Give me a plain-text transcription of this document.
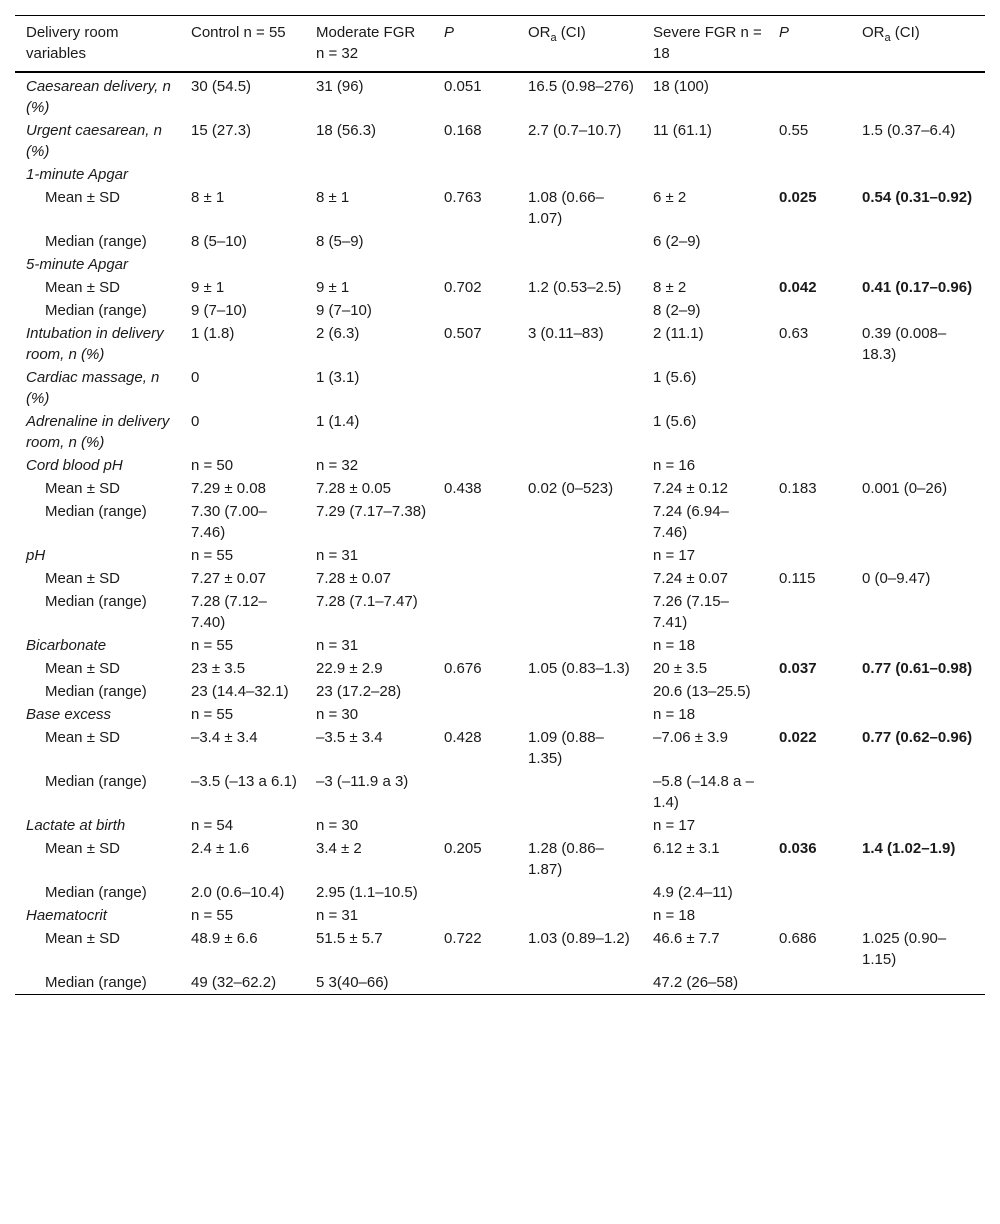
Delivery room variables	Control n = 55	Moderate FGR n = 32	P	$OR_a$ (CI)	Severe FGR n = 18	P	$OR_a$ (CI)
Caesarean delivery, n (%)	30 (54.5)	31 (96)	0.051	16.5 (0.98–276)	18 (100)		
Urgent caesarean, n (%)	15 (27.3)	18 (56.3)	0.168	2.7 (0.7–10.7)	11 (61.1)	0.55	1.5 (0.37–6.4)
1-minute Apgar							
Mean ± SD	8 ± 1	8 ± 1	0.763	1.08 (0.66–1.07)	6 ± 2	0.025	0.54 (0.31–0.92)
Median (range)	8 (5–10)	8 (5–9)			6 (2–9)		
5-minute Apgar							
Mean ± SD	9 ± 1	9 ± 1	0.702	1.2 (0.53–2.5)	8 ± 2	0.042	0.41 (0.17–0.96)
Median (range)	9 (7–10)	9 (7–10)			8 (2–9)		
Intubation in delivery room, n (%)	1 (1.8)	2 (6.3)	0.507	3 (0.11–83)	2 (11.1)	0.63	0.39 (0.008–18.3)
Cardiac massage, n (%)	0	1 (3.1)			1 (5.6)		
Adrenaline in delivery room, n (%)	0	1 (1.4)			1 (5.6)		
Cord blood pH	n = 50	n = 32			n = 16		
Mean ± SD	7.29 ± 0.08	7.28 ± 0.05	0.438	0.02 (0–523)	7.24 ± 0.12	0.183	0.001 (0–26)
Median (range)	7.30 (7.00–7.46)	7.29 (7.17–7.38)			7.24 (6.94–7.46)		
pH	n = 55	n = 31			n = 17		
Mean ± SD	7.27 ± 0.07	7.28 ± 0.07			7.24 ± 0.07	0.115	0 (0–9.47)
Median (range)	7.28 (7.12–7.40)	7.28 (7.1–7.47)			7.26 (7.15–7.41)		
Bicarbonate	n = 55	n = 31			n = 18		
Mean ± SD	23 ± 3.5	22.9 ± 2.9	0.676	1.05 (0.83–1.3)	20 ± 3.5	0.037	0.77 (0.61–0.98)
Median (range)	23 (14.4–32.1)	23 (17.2–28)			20.6 (13–25.5)		
Base excess	n = 55	n = 30			n = 18		
Mean ± SD	–3.4 ± 3.4	–3.5 ± 3.4	0.428	1.09 (0.88–1.35)	–7.06 ± 3.9	0.022	0.77 (0.62–0.96)
Median (range)	–3.5 (–13 a 6.1)	–3 (–11.9 a 3)			–5.8 (–14.8 a –1.4)		
Lactate at birth	n = 54	n = 30			n = 17		
Mean ± SD	2.4 ± 1.6	3.4 ± 2	0.205	1.28 (0.86–1.87)	6.12 ± 3.1	0.036	1.4 (1.02–1.9)
Median (range)	2.0 (0.6–10.4)	2.95 (1.1–10.5)			4.9 (2.4–11)		
Haematocrit	n = 55	n = 31			n = 18		
Mean ± SD	48.9 ± 6.6	51.5 ± 5.7	0.722	1.03 (0.89–1.2)	46.6 ± 7.7	0.686	1.025 (0.90–1.15)
Median (range)	49 (32–62.2)	5 3(40–66)			47.2 (26–58)		
